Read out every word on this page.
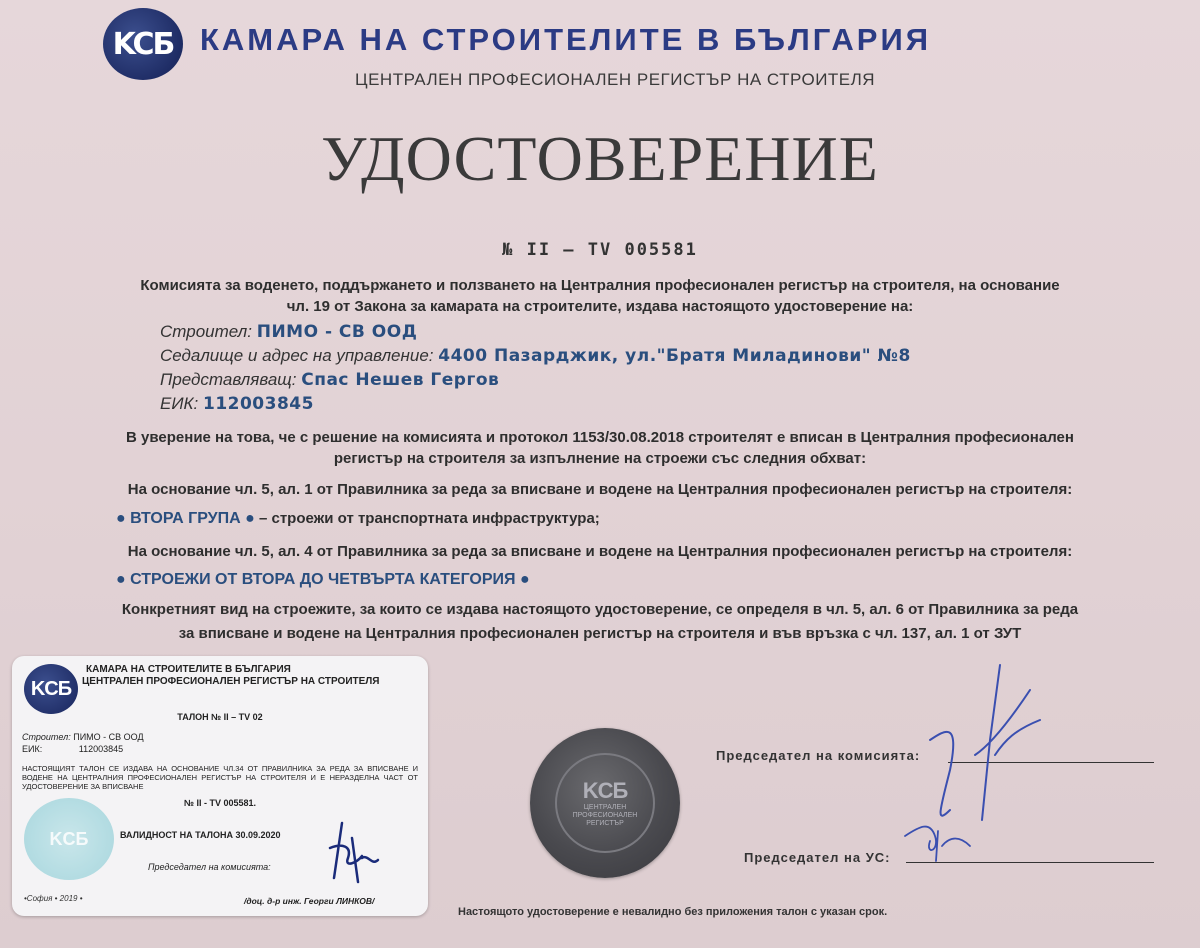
KCБ КАМАРА НА СТРОИТЕЛИТЕ В БЪЛГАРИЯ
ЦЕНТРАЛЕН ПРОФЕСИОНАЛЕН РЕГИСТЪР НА СТРОИТЕЛЯ
УДОСТОВЕРЕНИЕ
№ II – TV 005581
Комисията за воденето, поддържането и ползването на Централния професионален регистър на строителя, на основание
чл. 19 от Закона за камарата на строителите, издава настоящото удостоверение на:
Строител: ПИМО - СВ ООД
Седалище и адрес на управление: 4400 Пазарджик, ул."Братя Миладинови" №8
Представляващ: Спас Нешев Гергов
ЕИК: 112003845
В уверение на това, че с решение на комисията и протокол 1153/30.08.2018 строителят е вписан в Централния професионален
регистър на строителя за изпълнение на строежи със следния обхват:
На основание чл. 5, ал. 1 от Правилника за реда за вписване и водене на Централния професионален регистър на строителя:
● ВТОРА ГРУПА ● – строежи от транспортната инфраструктура;
На основание чл. 5, ал. 4 от Правилника за реда за вписване и водене на Централния професионален регистър на строителя:
● СТРОЕЖИ ОТ ВТОРА ДО ЧЕТВЪРТА КАТЕГОРИЯ ●
Конкретният вид на строежите, за които се издава настоящото удостоверение, се определя в чл. 5, ал. 6 от Правилника за реда
за вписване и водене на Централния професионален регистър на строителя и във връзка с чл. 137, ал. 1 от ЗУТ
KCБ
КАМАРА НА СТРОИТЕЛИТЕ В БЪЛГАРИЯ
ЦЕНТРАЛЕН ПРОФЕСИОНАЛЕН РЕГИСТЪР НА СТРОИТЕЛЯ
ТАЛОН № II – TV 02
Строител: ПИМО - СВ ООД
ЕИК:	112003845
НАСТОЯЩИЯТ ТАЛОН СЕ ИЗДАВА НА ОСНОВАНИЕ ЧЛ.34 ОТ ПРАВИЛНИКА ЗА РЕДА ЗА ВПИСВАНЕ И ВОДЕНЕ НА ЦЕНТРАЛНИЯ ПРОФЕСИОНАЛЕН РЕГИСТЪР НА СТРОИТЕЛЯ И Е НЕРАЗДЕЛНА ЧАСТ ОТ УДОСТОВЕРЕНИЕ ЗА ВПИСВАНЕ
№ II - TV 005581.
KCБ	ВАЛИДНОСТ НА ТАЛОНА 30.09.2020
Председател на комисията:
•София • 2019 •	/доц. д-р инж. Георги ЛИНКОВ/
KCБ
ЦЕНТРАЛЕН ПРОФЕСИОНАЛЕН РЕГИСТЪР
Председател на комисията:
Председател на УС:
Настоящото удостоверение е невалидно без приложения талон с указан срок.
